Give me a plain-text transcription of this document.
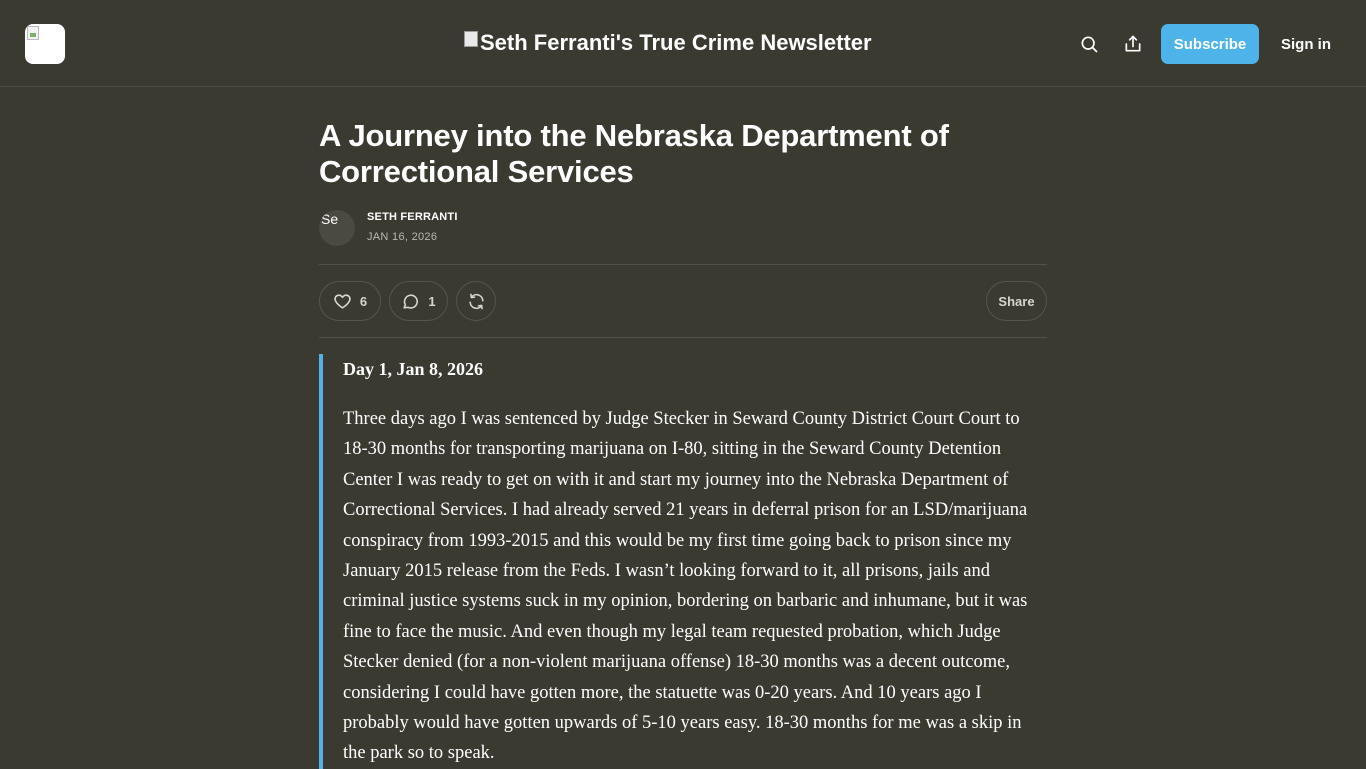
Seth Ferranti's True Crime Newsletter	Subscribe	Sign in
A Journey into the Nebraska Department of Correctional Services
Se	SETH FERRANTI
JAN 16, 2026
6	1	Share

Day 1, Jan 8, 2026

Three days ago I was sentenced by Judge Stecker in Seward County District Court Court to 18-30 months for transporting marijuana on I-80, sitting in the Seward County Detention Center I was ready to get on with it and start my journey into the Nebraska Department of Correctional Services. I had already served 21 years in deferral prison for an LSD/marijuana conspiracy from 1993-2015 and this would be my first time going back to prison since my January 2015 release from the Feds. I wasn’t looking forward to it, all prisons, jails and criminal justice systems suck in my opinion, bordering on barbaric and inhumane, but it was fine to face the music. And even though my legal team requested probation, which Judge Stecker denied (for a non-violent marijuana offense) 18-30 months was a decent outcome, considering I could have gotten more, the statuette was 0-20 years. And 10 years ago I probably would have gotten upwards of 5-10 years easy. 18-30 months for me was a skip in the park so to speak.
